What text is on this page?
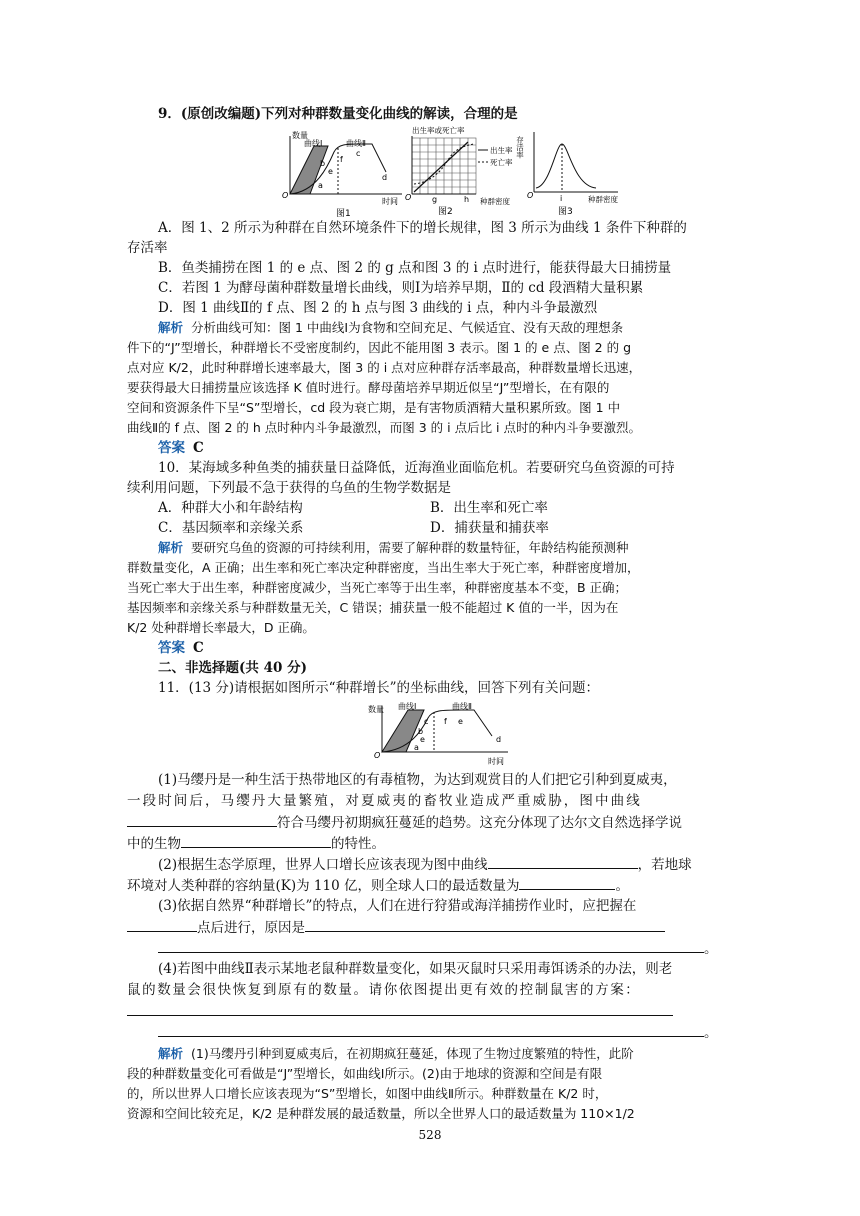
9．(原创改编题)下列对种群数量变化曲线的解读，合理的是
数量
曲线Ⅰ	曲线Ⅱ
b
e
f
c
d
a
O
时间
图1
出生率或死亡率
出生率
死亡率
O	g	h 种群密度
图2
存活率
O	i	种群密度
图3
A．图 1、2 所示为种群在自然环境条件下的增长规律，图 3 所示为曲线 1 条件下种群的
存活率
B．鱼类捕捞在图 1 的 e 点、图 2 的 g 点和图 3 的 i 点时进行，能获得最大日捕捞量
C．若图 1 为酵母菌种群数量增长曲线，则Ⅰ为培养早期，Ⅱ的 cd 段酒精大量积累
D．图 1 曲线Ⅱ的 f 点、图 2 的 h 点与图 3 曲线的 i 点，种内斗争最激烈
解析 分析曲线可知：图 1 中曲线Ⅰ为食物和空间充足、气候适宜、没有天敌的理想条
件下的“J”型增长，种群增长不受密度制约，因此不能用图 3 表示。图 1 的 e 点、图 2 的 g
点对应 K/2，此时种群增长速率最大，图 3 的 i 点对应种群存活率最高，种群数量增长迅速，
要获得最大日捕捞量应该选择 K 值时进行。酵母菌培养早期近似呈“J”型增长，在有限的
空间和资源条件下呈“S”型增长，cd 段为衰亡期，是有害物质酒精大量积累所致。图 1 中
曲线Ⅱ的 f 点、图 2 的 h 点时种内斗争最激烈，而图 3 的 i 点后比 i 点时的种内斗争要激烈。
答案 C
10．某海域多种鱼类的捕获量日益降低，近海渔业面临危机。若要研究乌鱼资源的可持
续利用问题，下列最不急于获得的乌鱼的生物学数据是
A．种群大小和年龄结构	B．出生率和死亡率
C．基因频率和亲缘关系	D．捕获量和捕获率
解析 要研究乌鱼的资源的可持续利用，需要了解种群的数量特征，年龄结构能预测种
群数量变化，A 正确；出生率和死亡率决定种群密度，当出生率大于死亡率，种群密度增加，
当死亡率大于出生率，种群密度减少，当死亡率等于出生率，种群密度基本不变，B 正确；
基因频率和亲缘关系与种群数量无关，C 错误；捕获量一般不能超过 K 值的一半，因为在
K/2 处种群增长率最大，D 正确。
答案 C
二、非选择题(共 40 分)
11．(13 分)请根据如图所示“种群增长”的坐标曲线，回答下列有关问题：
数量 曲线Ⅰ	曲线Ⅱ
c f e
b
e
a
d
O
时间
(1)马缨丹是一种生活于热带地区的有毒植物，为达到观赏目的人们把它引种到夏威夷，
一段时间后，马缨丹大量繁殖，对夏威夷的畜牧业造成严重威胁，图中曲线
符合马缨丹初期疯狂蔓延的趋势。这充分体现了达尔文自然选择学说
中的生物	的特性。
(2)根据生态学原理，世界人口增长应该表现为图中曲线	，若地球
环境对人类种群的容纳量(K)为 110 亿，则全球人口的最适数量为	。
(3)依据自然界“种群增长”的特点，人们在进行狩猎或海洋捕捞作业时，应把握在
点后进行，原因是
。
(4)若图中曲线Ⅱ表示某地老鼠种群数量变化，如果灭鼠时只采用毒饵诱杀的办法，则老
鼠的数量会很快恢复到原有的数量。请你依图提出更有效的控制鼠害的方案：
。
解析 (1)马缨丹引种到夏威夷后，在初期疯狂蔓延，体现了生物过度繁殖的特性，此阶
段的种群数量变化可看做是“J”型增长，如曲线Ⅰ所示。(2)由于地球的资源和空间是有限
的，所以世界人口增长应该表现为“S”型增长，如图中曲线Ⅱ所示。种群数量在 K/2 时，
资源和空间比较充足，K/2 是种群发展的最适数量，所以全世界人口的最适数量为 110×1/2
528
